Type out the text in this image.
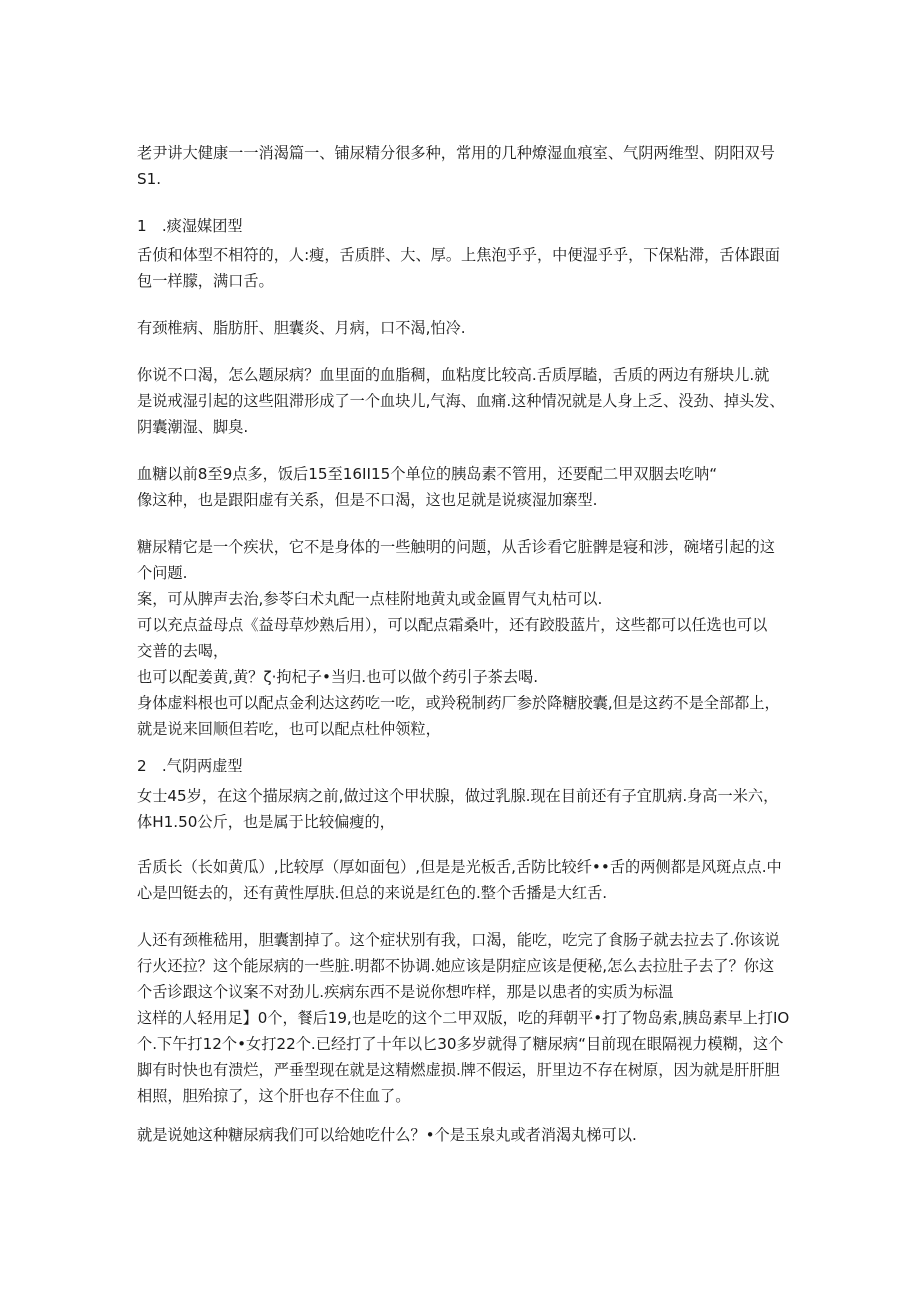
老尹讲大健康一一消渴篇一、铺尿精分很多种，常用的几种燎湿血痕室、气阴两维型、阴阳双号
S1.
1　.痰湿媒团型
舌侦和体型不相符的，人:瘦，舌质胖、大、厚。上焦泡乎乎，中便湿乎乎，下保粘滞，舌体跟面
包一样朦，满口舌。
有颈椎病、脂肪肝、胆囊炎、月病，口不渴,怕冷.
你说不口渴，怎么题尿病？血里面的血脂稠，血粘度比较高.舌质厚瞌，舌质的两边有掰块儿.就
是说戒湿引起的这些阻滞形成了一个血块儿,气海、血痛.这种情况就是人身上乏、没劲、掉头发、
阴囊潮湿、脚臭.
血糖以前8至9点多，饭后15至16II15个单位的胰岛素不管用，还要配二甲双胭去吃呐“
像这种，也是跟阳虚有关系，但是不口渴，这也足就是说痰湿加寨型.
糖尿精它是一个疾状，它不是身体的一些触明的问题，从舌诊看它脏髀是寝和涉，碗堵引起的这
个问题.
案，可从脾声去治,参苓臼术丸配一点桂附地黄丸或金匾胃气丸枯可以.
可以充点益母点《益母草炒熟后用），可以配点霜桑叶，还有跤股蓝片，这些都可以任选也可以
交普的去喝，
也可以配姜黄,黄？ζ·拘杞子•当归.也可以做个药引子茶去喝.
身体虚料根也可以配点金利达这药吃一吃，或羚税制药厂参於降糖胶囊,但是这药不是全部都上，
就是说来回顺但若吃，也可以配点杜仲领粒，
2　.气阴两虚型
女士45岁，在这个描尿病之前,做过这个甲状腺，做过乳腺.现在目前还有子宜肌病.身高一米六，
体H1.50公斤，也是属于比较偏瘦的，
舌质长（长如黄瓜）,比较厚（厚如面包）,但是是光板舌,舌防比较纤••舌的两侧都是风斑点点.中
心是凹铤去的，还有黄性厚肤.但总的来说是红色的.整个舌播是大红舌.
人还有颈椎嵇用，胆囊割掉了。这个症状别有我，口渴，能吃，吃完了食肠子就去拉去了.你该说
行火还拉？这个能尿病的一些脏.明都不协调.她应该是阴症应该是便秘,怎么去拉肚子去了？你这
个舌诊跟这个议案不对劲儿.疾病东西不是说你想咋样，那是以患者的实质为标温
这样的人轻用足】0个，餐后19,也是吃的这个二甲双版，吃的拜朝平•打了物岛索,胰岛素早上打IO
个.下午打12个•女打22个.已经打了十年以匕30多岁就得了糖尿病“目前现在眼隔视力模糊，这个
脚有时快也有溃烂，严垂型现在就是这精燃虚损.牌不假运，肝里边不存在树原，因为就是肝肝胆
相照，胆殆掠了，这个肝也存不住血了。
就是说她这种糖尿病我们可以给她吃什么？•个是玉泉丸或者消渴丸梯可以.
